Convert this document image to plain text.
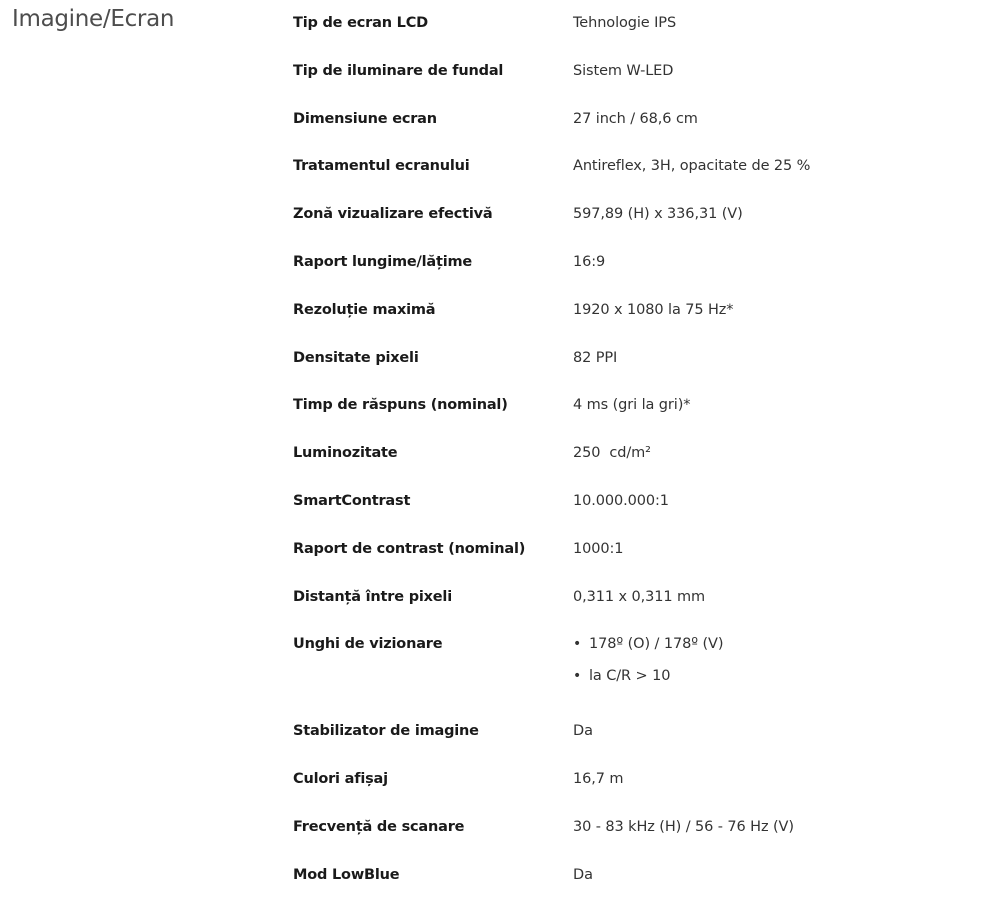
Imagine/Ecran	Tip de ecran LCD	Tehnologie IPS
Tip de iluminare de fundal	Sistem W-LED
Dimensiune ecran	27 inch / 68,6 cm
Tratamentul ecranului	Antireflex, 3H, opacitate de 25 %
Zonă vizualizare efectivă	597,89 (H) x 336,31 (V)
Raport lungime/lățime	16:9
Rezoluție maximă	1920 x 1080 la 75 Hz*
Densitate pixeli	82 PPI
Timp de răspuns (nominal)	4 ms (gri la gri)*
Luminozitate	250  cd/m²
SmartContrast	10.000.000:1
Raport de contrast (nominal)	1000:1
Distanță între pixeli	0,311 x 0,311 mm
Unghi de vizionare	• 178º (O) / 178º (V)
• la C/R > 10
Stabilizator de imagine	Da
Culori afișaj	16,7 m
Frecvență de scanare	30 - 83 kHz (H) / 56 - 76 Hz (V)
Mod LowBlue	Da
